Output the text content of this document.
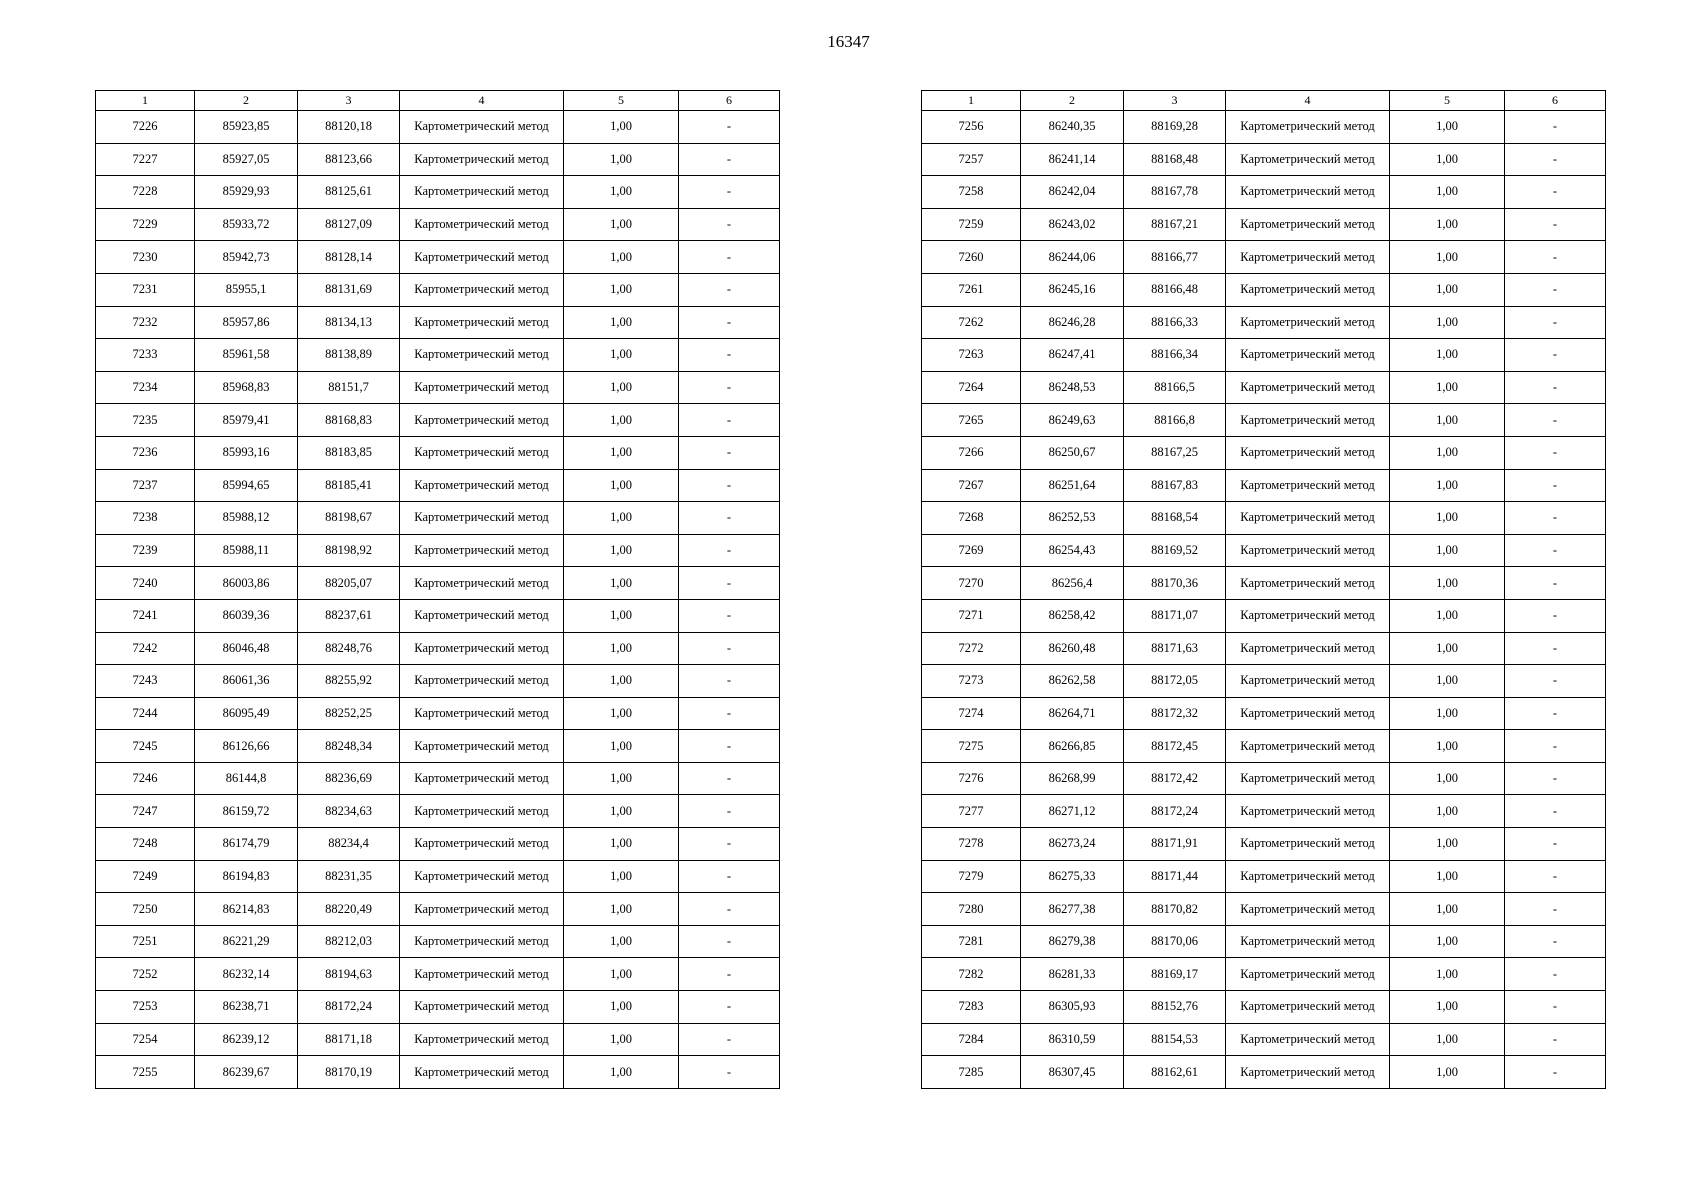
16347
1	2	3	4	5	6
7226	85923,85	88120,18	Картометрический метод	1,00	-
7227	85927,05	88123,66	Картометрический метод	1,00	-
7228	85929,93	88125,61	Картометрический метод	1,00	-
7229	85933,72	88127,09	Картометрический метод	1,00	-
7230	85942,73	88128,14	Картометрический метод	1,00	-
7231	85955,1	88131,69	Картометрический метод	1,00	-
7232	85957,86	88134,13	Картометрический метод	1,00	-
7233	85961,58	88138,89	Картометрический метод	1,00	-
7234	85968,83	88151,7	Картометрический метод	1,00	-
7235	85979,41	88168,83	Картометрический метод	1,00	-
7236	85993,16	88183,85	Картометрический метод	1,00	-
7237	85994,65	88185,41	Картометрический метод	1,00	-
7238	85988,12	88198,67	Картометрический метод	1,00	-
7239	85988,11	88198,92	Картометрический метод	1,00	-
7240	86003,86	88205,07	Картометрический метод	1,00	-
7241	86039,36	88237,61	Картометрический метод	1,00	-
7242	86046,48	88248,76	Картометрический метод	1,00	-
7243	86061,36	88255,92	Картометрический метод	1,00	-
7244	86095,49	88252,25	Картометрический метод	1,00	-
7245	86126,66	88248,34	Картометрический метод	1,00	-
7246	86144,8	88236,69	Картометрический метод	1,00	-
7247	86159,72	88234,63	Картометрический метод	1,00	-
7248	86174,79	88234,4	Картометрический метод	1,00	-
7249	86194,83	88231,35	Картометрический метод	1,00	-
7250	86214,83	88220,49	Картометрический метод	1,00	-
7251	86221,29	88212,03	Картометрический метод	1,00	-
7252	86232,14	88194,63	Картометрический метод	1,00	-
7253	86238,71	88172,24	Картометрический метод	1,00	-
7254	86239,12	88171,18	Картометрический метод	1,00	-
7255	86239,67	88170,19	Картометрический метод	1,00	-
1	2	3	4	5	6
7256	86240,35	88169,28	Картометрический метод	1,00	-
7257	86241,14	88168,48	Картометрический метод	1,00	-
7258	86242,04	88167,78	Картометрический метод	1,00	-
7259	86243,02	88167,21	Картометрический метод	1,00	-
7260	86244,06	88166,77	Картометрический метод	1,00	-
7261	86245,16	88166,48	Картометрический метод	1,00	-
7262	86246,28	88166,33	Картометрический метод	1,00	-
7263	86247,41	88166,34	Картометрический метод	1,00	-
7264	86248,53	88166,5	Картометрический метод	1,00	-
7265	86249,63	88166,8	Картометрический метод	1,00	-
7266	86250,67	88167,25	Картометрический метод	1,00	-
7267	86251,64	88167,83	Картометрический метод	1,00	-
7268	86252,53	88168,54	Картометрический метод	1,00	-
7269	86254,43	88169,52	Картометрический метод	1,00	-
7270	86256,4	88170,36	Картометрический метод	1,00	-
7271	86258,42	88171,07	Картометрический метод	1,00	-
7272	86260,48	88171,63	Картометрический метод	1,00	-
7273	86262,58	88172,05	Картометрический метод	1,00	-
7274	86264,71	88172,32	Картометрический метод	1,00	-
7275	86266,85	88172,45	Картометрический метод	1,00	-
7276	86268,99	88172,42	Картометрический метод	1,00	-
7277	86271,12	88172,24	Картометрический метод	1,00	-
7278	86273,24	88171,91	Картометрический метод	1,00	-
7279	86275,33	88171,44	Картометрический метод	1,00	-
7280	86277,38	88170,82	Картометрический метод	1,00	-
7281	86279,38	88170,06	Картометрический метод	1,00	-
7282	86281,33	88169,17	Картометрический метод	1,00	-
7283	86305,93	88152,76	Картометрический метод	1,00	-
7284	86310,59	88154,53	Картометрический метод	1,00	-
7285	86307,45	88162,61	Картометрический метод	1,00	-
